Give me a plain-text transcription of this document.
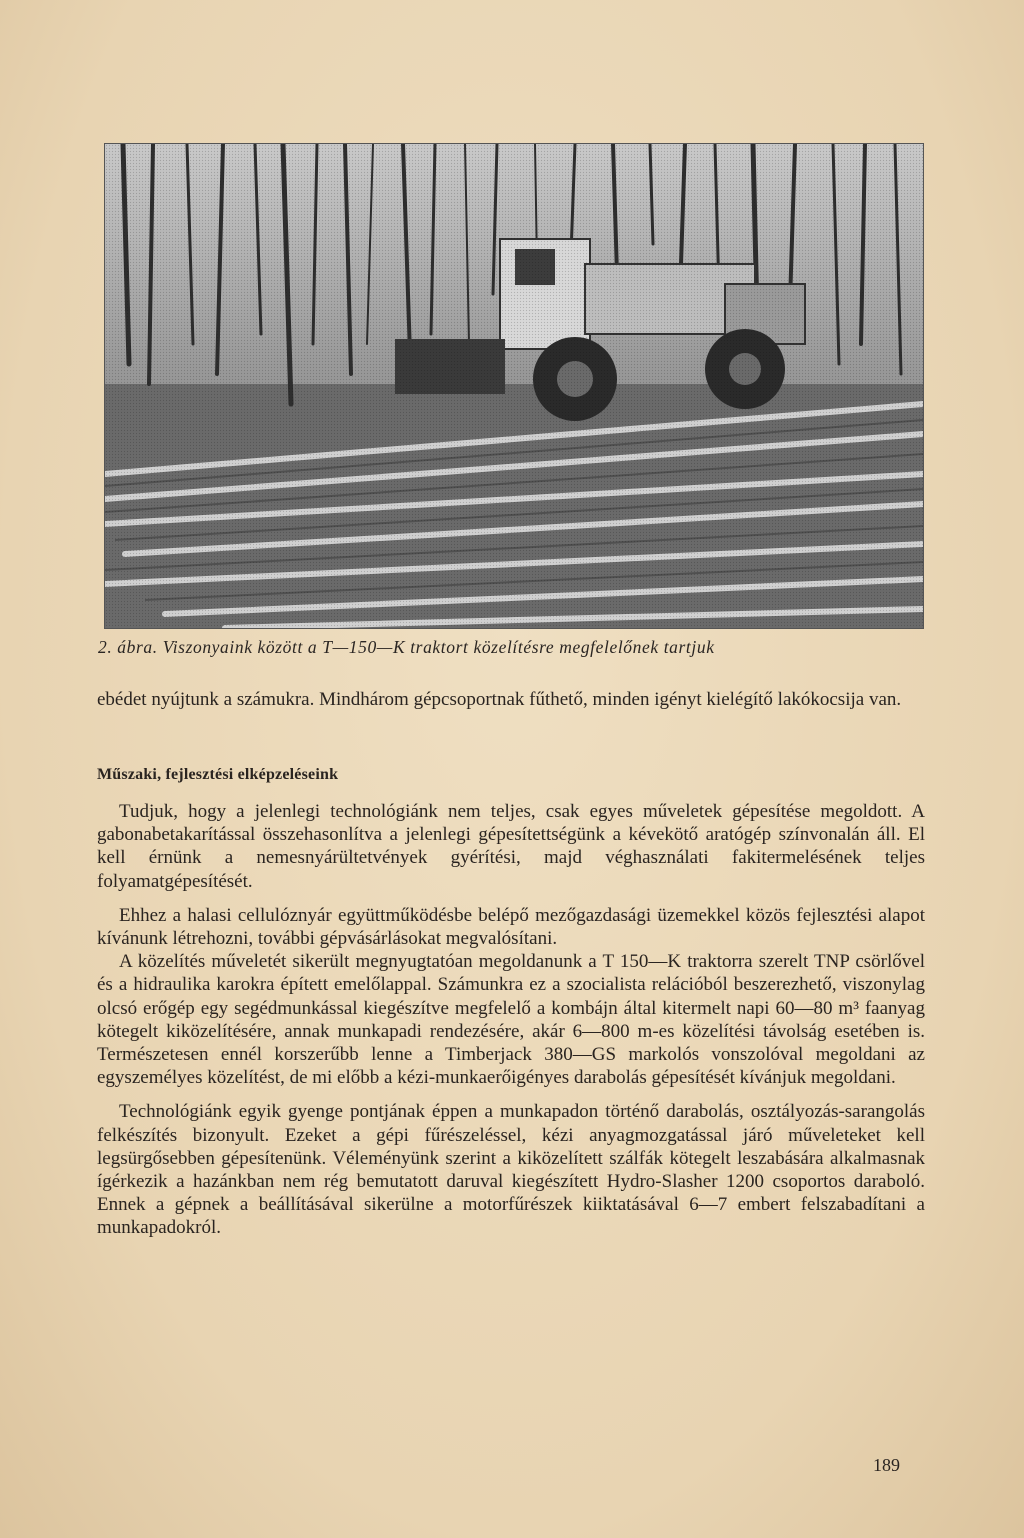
2. ábra. Viszonyaink között a T—150—K traktort közelítésre megfelelőnek tartjuk

ebédet nyújtunk a számukra. Mindhárom gépcsoportnak fűthető, minden igényt kielégítő lakókocsija van.

Műszaki, fejlesztési elképzeléseink

Tudjuk, hogy a jelenlegi technológiánk nem teljes, csak egyes műveletek gépesítése megoldott. A gabonabetakarítással összehasonlítva a jelenlegi gépesítettségünk a kévekötő aratógép színvonalán áll. El kell érnünk a nemesnyárültetvények gyérítési, majd véghasználati fakitermelésének teljes folyamatgépesítését.

Ehhez a halasi cellulóznyár együttműködésbe belépő mezőgazdasági üzemekkel közös fejlesztési alapot kívánunk létrehozni, további gépvásárlásokat megvalósítani.

A közelítés műveletét sikerült megnyugtatóan megoldanunk a T 150—K traktorra szerelt TNP csörlővel és a hidraulika karokra épített emelőlappal. Számunkra ez a szocialista relációból beszerezhető, viszonylag olcsó erőgép egy segédmunkással kiegészítve megfelelő a kombájn által kitermelt napi 60—80 m³ faanyag kötegelt kiközelítésére, annak munkapadi rendezésére, akár 6—800 m-es közelítési távolság esetében is. Természetesen ennél korszerűbb lenne a Timberjack 380—GS markolós vonszolóval megoldani az egyszemélyes közelítést, de mi előbb a kézi-munkaerőigényes darabolás gépesítését kívánjuk megoldani.

Technológiánk egyik gyenge pontjának éppen a munkapadon történő darabolás, osztályozás-sarangolás felkészítés bizonyult. Ezeket a gépi fűrészeléssel, kézi anyagmozgatással járó műveleteket kell legsürgősebben gépesítenünk. Véleményünk szerint a kiközelített szálfák kötegelt leszabására alkalmasnak ígérkezik a hazánkban nem rég bemutatott daruval kiegészített Hydro-Slasher 1200 csoportos daraboló. Ennek a gépnek a beállításával sikerülne a motorfűrészek kiiktatásával 6—7 embert felszabadítani a munkapadokról.

189
